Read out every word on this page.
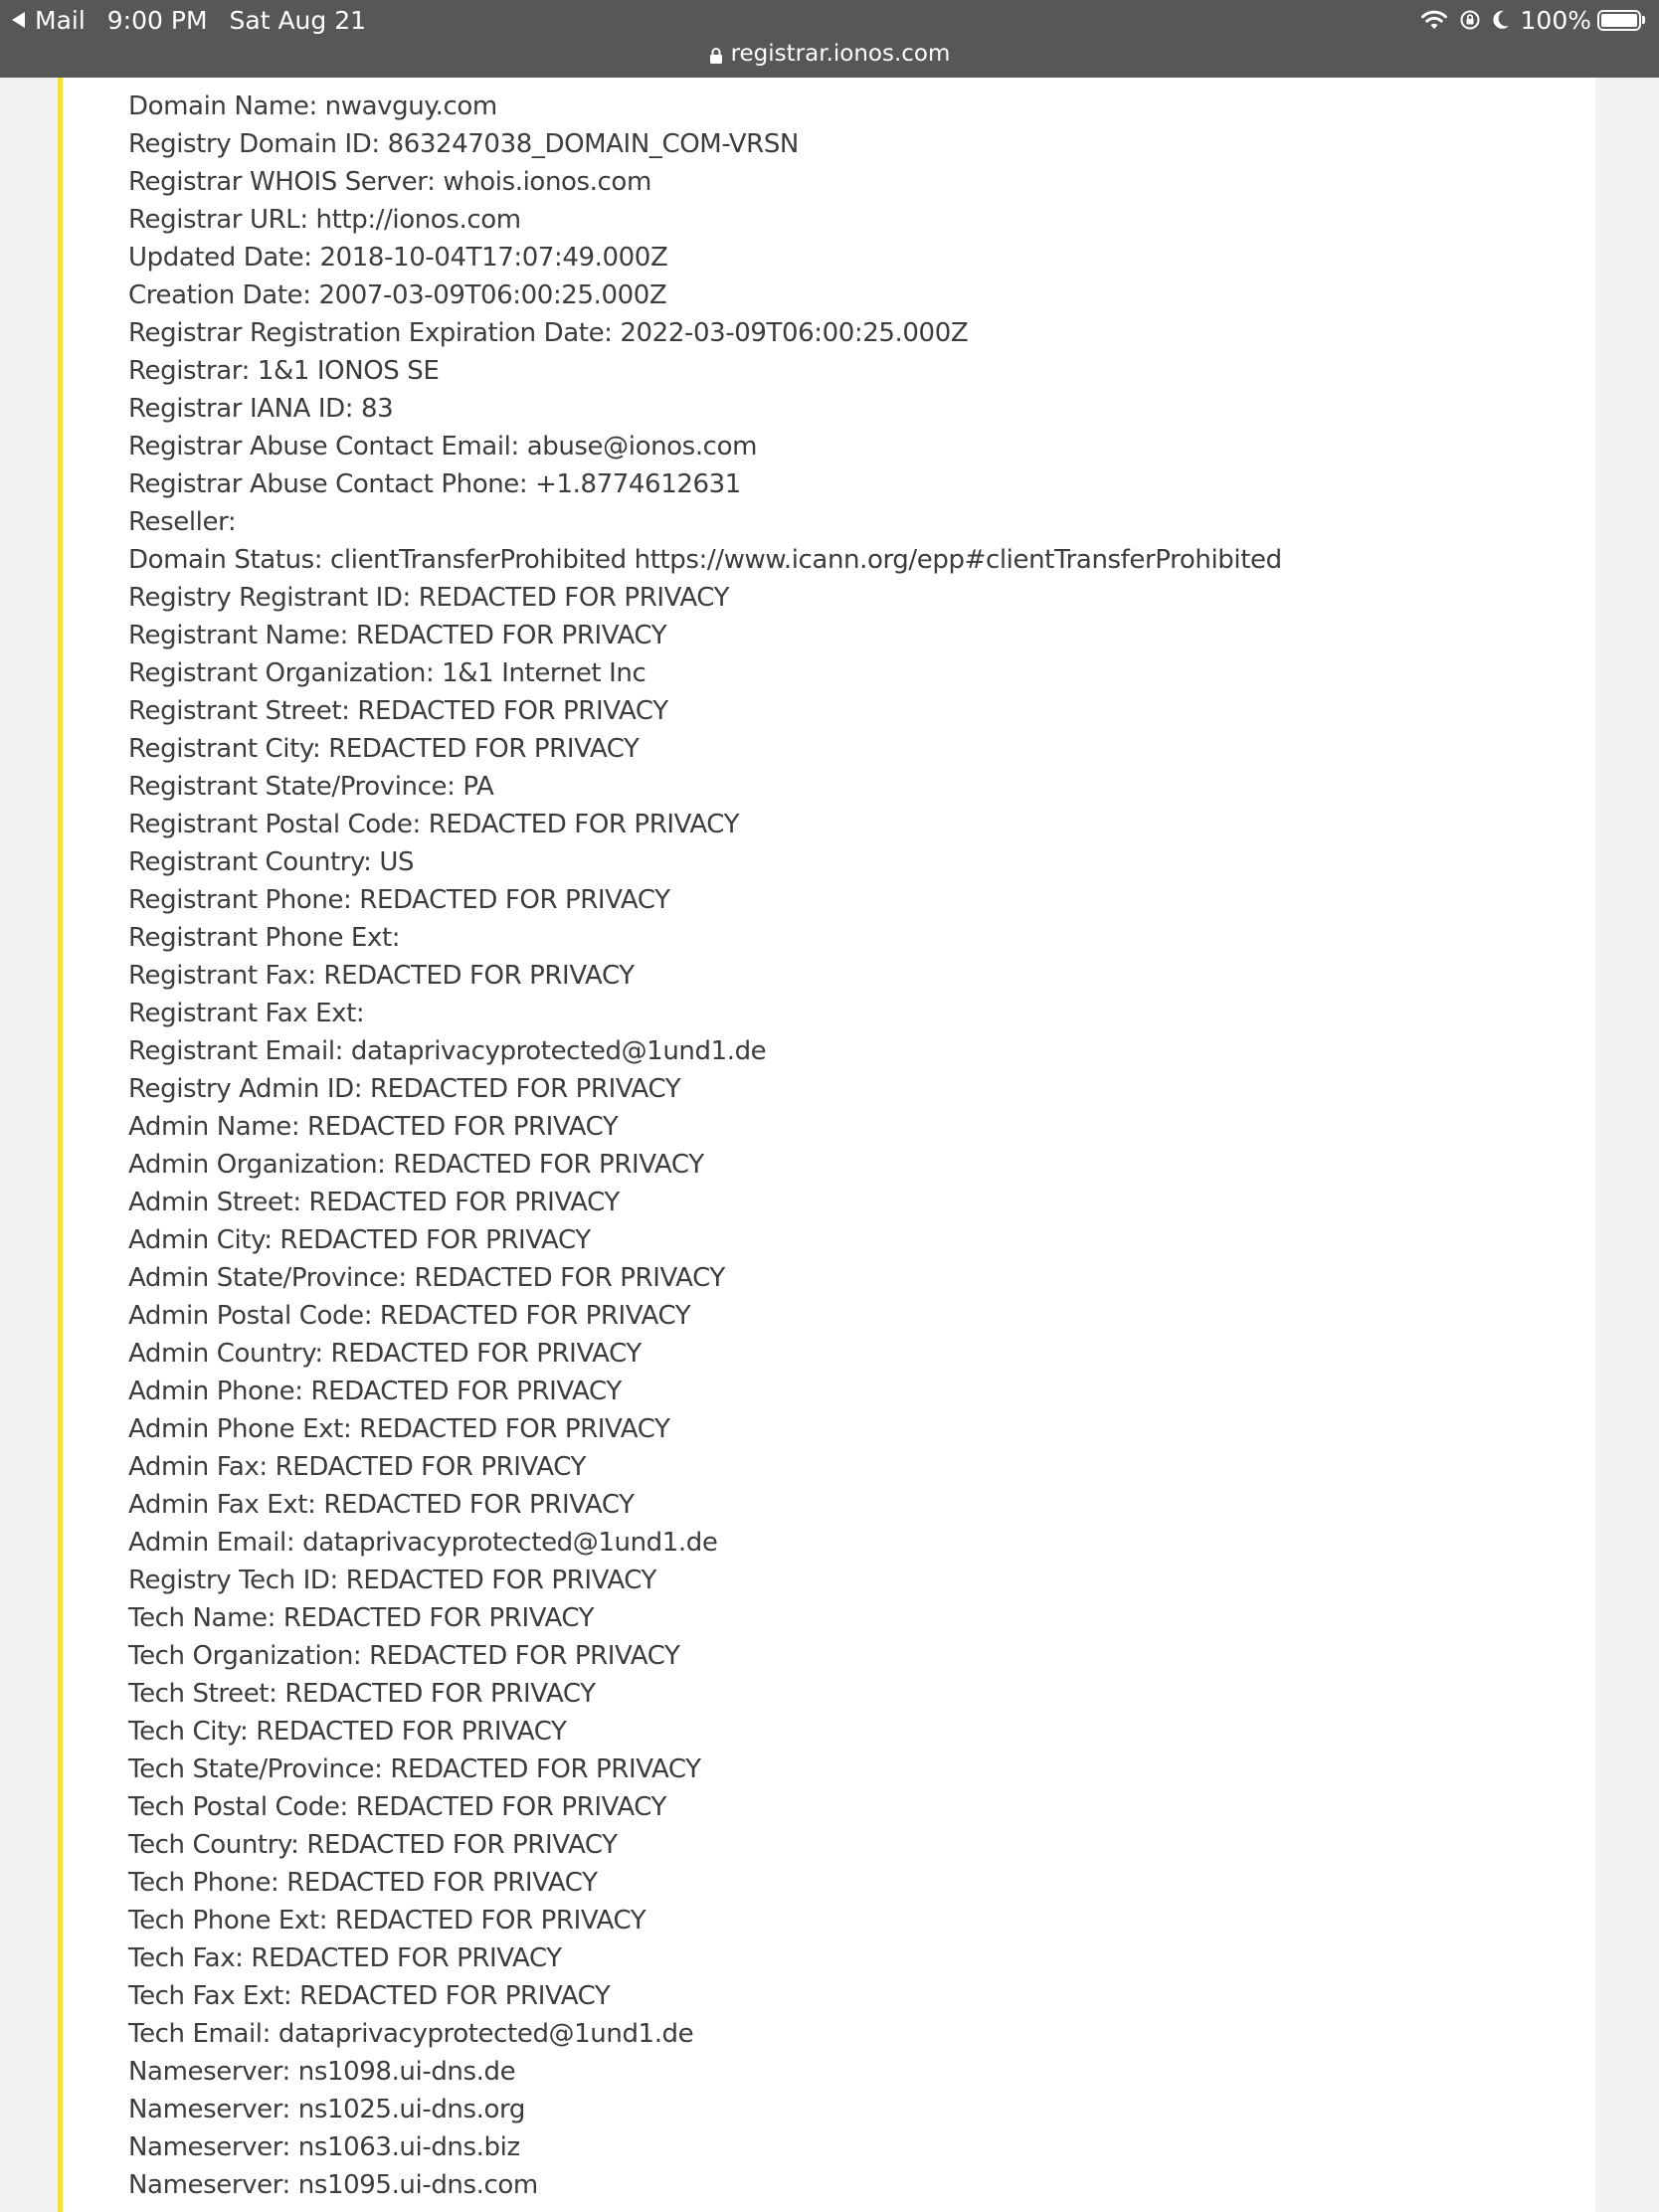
Mail 9:00 PM Sat Aug 21	100%
registrar.ionos.com
Domain Name: nwavguy.com
Registry Domain ID: 863247038_DOMAIN_COM-VRSN
Registrar WHOIS Server: whois.ionos.com
Registrar URL: http://ionos.com
Updated Date: 2018-10-04T17:07:49.000Z
Creation Date: 2007-03-09T06:00:25.000Z
Registrar Registration Expiration Date: 2022-03-09T06:00:25.000Z
Registrar: 1&1 IONOS SE
Registrar IANA ID: 83
Registrar Abuse Contact Email: abuse@ionos.com
Registrar Abuse Contact Phone: +1.8774612631
Reseller:
Domain Status: clientTransferProhibited https://www.icann.org/epp#clientTransferProhibited
Registry Registrant ID: REDACTED FOR PRIVACY
Registrant Name: REDACTED FOR PRIVACY
Registrant Organization: 1&1 Internet Inc
Registrant Street: REDACTED FOR PRIVACY
Registrant City: REDACTED FOR PRIVACY
Registrant State/Province: PA
Registrant Postal Code: REDACTED FOR PRIVACY
Registrant Country: US
Registrant Phone: REDACTED FOR PRIVACY
Registrant Phone Ext:
Registrant Fax: REDACTED FOR PRIVACY
Registrant Fax Ext:
Registrant Email: dataprivacyprotected@1und1.de
Registry Admin ID: REDACTED FOR PRIVACY
Admin Name: REDACTED FOR PRIVACY
Admin Organization: REDACTED FOR PRIVACY
Admin Street: REDACTED FOR PRIVACY
Admin City: REDACTED FOR PRIVACY
Admin State/Province: REDACTED FOR PRIVACY
Admin Postal Code: REDACTED FOR PRIVACY
Admin Country: REDACTED FOR PRIVACY
Admin Phone: REDACTED FOR PRIVACY
Admin Phone Ext: REDACTED FOR PRIVACY
Admin Fax: REDACTED FOR PRIVACY
Admin Fax Ext: REDACTED FOR PRIVACY
Admin Email: dataprivacyprotected@1und1.de
Registry Tech ID: REDACTED FOR PRIVACY
Tech Name: REDACTED FOR PRIVACY
Tech Organization: REDACTED FOR PRIVACY
Tech Street: REDACTED FOR PRIVACY
Tech City: REDACTED FOR PRIVACY
Tech State/Province: REDACTED FOR PRIVACY
Tech Postal Code: REDACTED FOR PRIVACY
Tech Country: REDACTED FOR PRIVACY
Tech Phone: REDACTED FOR PRIVACY
Tech Phone Ext: REDACTED FOR PRIVACY
Tech Fax: REDACTED FOR PRIVACY
Tech Fax Ext: REDACTED FOR PRIVACY
Tech Email: dataprivacyprotected@1und1.de
Nameserver: ns1098.ui-dns.de
Nameserver: ns1025.ui-dns.org
Nameserver: ns1063.ui-dns.biz
Nameserver: ns1095.ui-dns.com
